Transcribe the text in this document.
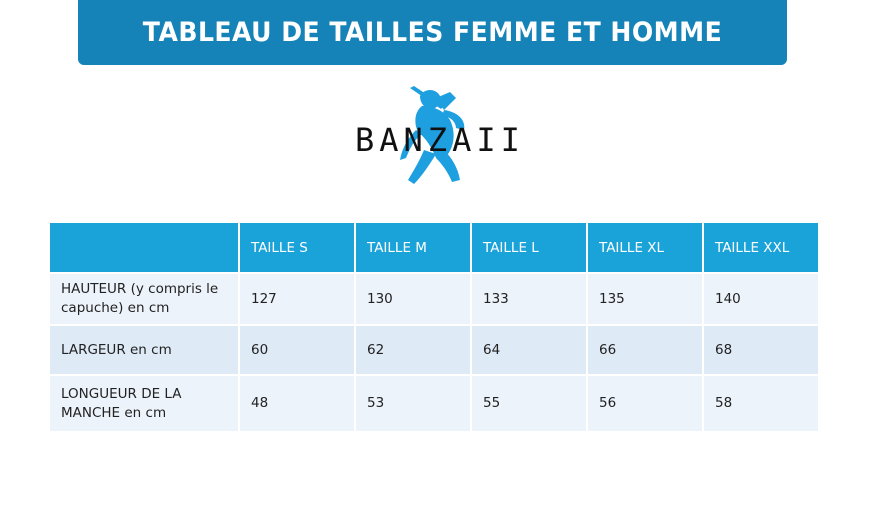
TABLEAU DE TAILLES FEMME ET HOMME
BANZAII
	TAILLE S	TAILLE M	TAILLE L	TAILLE XL	TAILLE XXL
HAUTEUR (y compris le capuche) en cm	127	130	133	135	140
LARGEUR en cm	60	62	64	66	68
LONGUEUR DE LA MANCHE en cm	48	53	55	56	58
